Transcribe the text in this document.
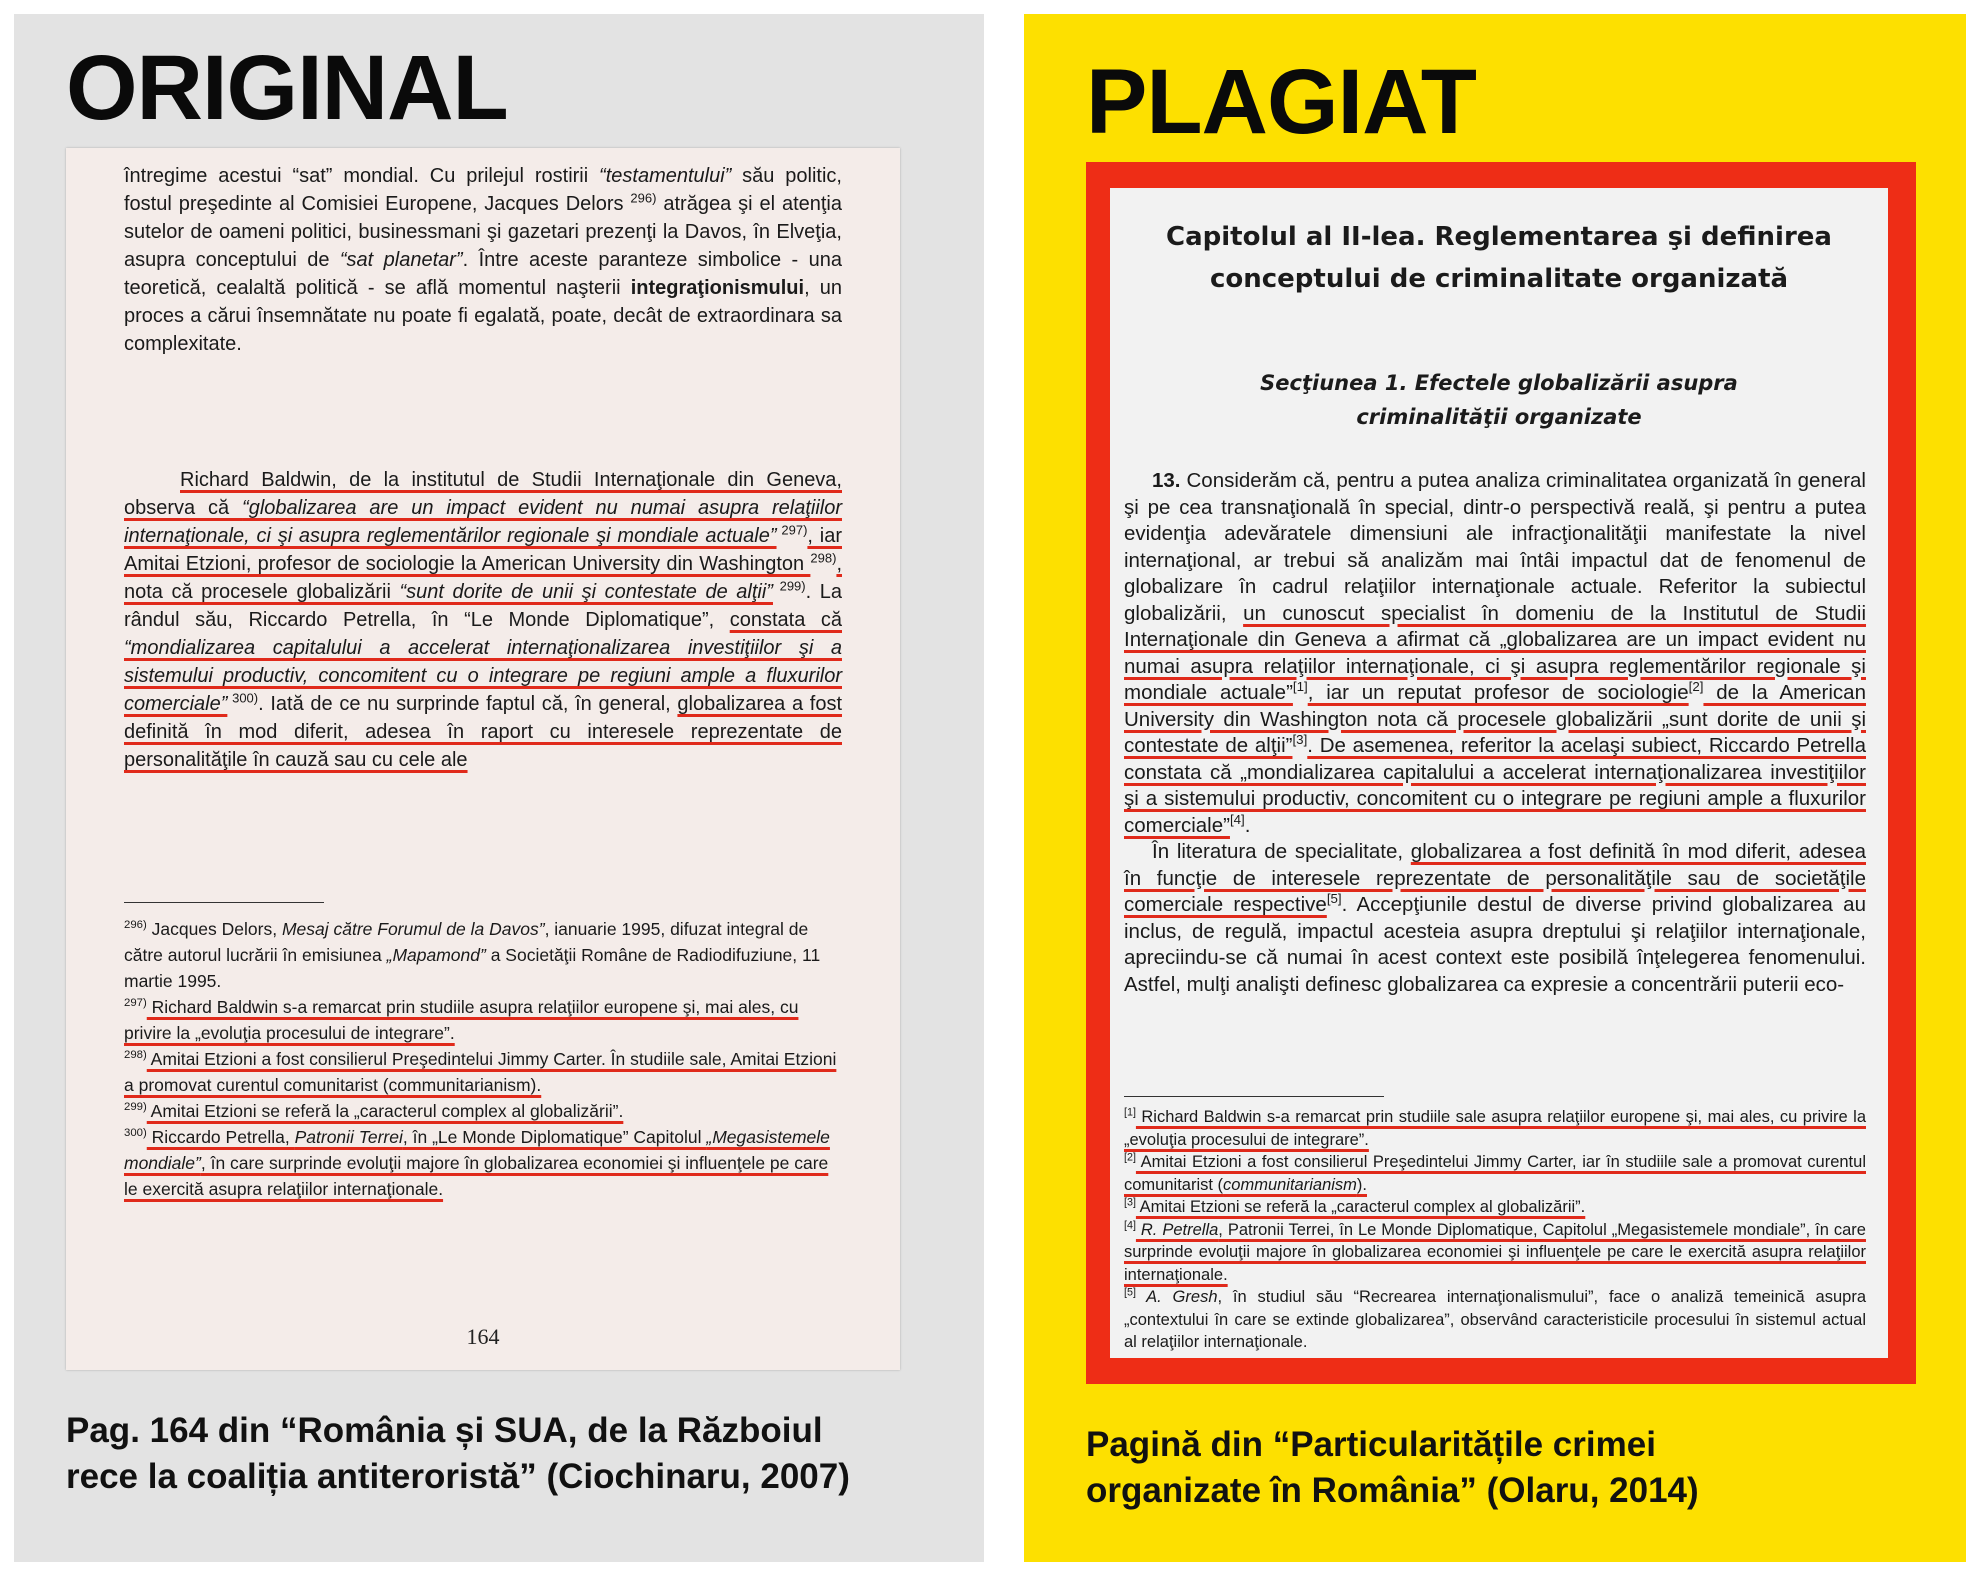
ORIGINAL
întregime acestui “sat” mondial. Cu prilejul rostirii “testamentului” său politic, fostul preşedinte al Comisiei Europene, Jacques Delors $^{296)}$ atrăgea şi el atenţia sutelor de oameni politici, businessmani şi gazetari prezenţi la Davos, în Elveţia, asupra conceptului de “sat planetar”. Între aceste paranteze simbolice - una teoretică, cealaltă politică - se află momentul naşterii integraţionismului, un proces a cărui însemnătate nu poate fi egalată, poate, decât de extraordinara sa complexitate.
Richard Baldwin, de la institutul de Studii Internaţionale din Geneva, observa că “globalizarea are un impact evident nu numai asupra relaţiilor internaţionale, ci şi asupra reglementărilor regionale şi mondiale actuale” $^{297)}$, iar Amitai Etzioni, profesor de sociologie la American University din Washington $^{298)}$, nota că procesele globalizării “sunt dorite de unii şi contestate de alţii” $^{299)}$. La rândul său, Riccardo Petrella, în “Le Monde Diplomatique”, constata că “mondializarea capitalului a accelerat internaţionalizarea investiţiilor şi a sistemului productiv, concomitent cu o integrare pe regiuni ample a fluxurilor comerciale” $^{300)}$. Iată de ce nu surprinde faptul că, în general, globalizarea a fost definită în mod diferit, adesea în raport cu interesele reprezentate de personalităţile în cauză sau cu cele ale
$^{296)}$ Jacques Delors, Mesaj către Forumul de la Davos”, ianuarie 1995, difuzat integral de către autorul lucrării în emisiunea „Mapamond” a Societăţii Române de Radiodifuziune, 11 martie 1995.
$^{297)}$ Richard Baldwin s-a remarcat prin studiile asupra relaţiilor europene şi, mai ales, cu privire la „evoluţia procesului de integrare”.
$^{298)}$ Amitai Etzioni a fost consilierul Preşedintelui Jimmy Carter. În studiile sale, Amitai Etzioni a promovat curentul comunitarist (communitarianism).
$^{299)}$ Amitai Etzioni se referă la „caracterul complex al globalizării”.
$^{300)}$ Riccardo Petrella, Patronii Terrei, în „Le Monde Diplomatique” Capitolul „Megasistemele mondiale”, în care surprinde evoluţii majore în globalizarea economiei şi influenţele pe care le exercită asupra relaţiilor internaţionale.
164
Pag. 164 din “România și SUA, de la Războiul
rece la coaliția antiteroristă” (Ciochinaru, 2007)
PLAGIAT
Capitolul al II-lea. Reglementarea şi definirea
conceptului de criminalitate organizată
Secţiunea 1. Efectele globalizării asupra
criminalităţii organizate

13. Considerăm că, pentru a putea analiza criminalitatea organizată în general şi pe cea transnaţională în special, dintr-o perspectivă reală, şi pentru a putea evidenţia adevăratele dimensiuni ale infracţionalităţii manifestate la nivel internaţional, ar trebui să analizăm mai întâi impactul dat de fenomenul de globalizare în cadrul relaţiilor internaţionale actuale. Referitor la subiectul globalizării, un cunoscut specialist în domeniu de la Institutul de Studii Internaţionale din Geneva a afirmat că „globalizarea are un impact evident nu numai asupra relaţiilor internaţionale, ci şi asupra reglementărilor regionale şi mondiale actuale”[1], iar un reputat profesor de sociologie[2] de la American University din Washington nota că procesele globalizării „sunt dorite de unii şi contestate de alţii”[3]. De asemenea, referitor la acelaşi subiect, Riccardo Petrella constata că „mondializarea capitalului a accelerat internaţionalizarea investiţiilor şi a sistemului productiv, concomitent cu o integrare pe regiuni ample a fluxurilor comerciale”[4].

În literatura de specialitate, globalizarea a fost definită în mod diferit, adesea în funcţie de interesele reprezentate de personalităţile sau de societăţile comerciale respective[5]. Accepţiunile destul de diverse privind globalizarea au inclus, de regulă, impactul acesteia asupra dreptului şi relaţiilor internaţionale, apreciindu-se că numai în acest context este posibilă înţelegerea fenomenului. Astfel, mulţi analişti definesc globalizarea ca expresie a concentrării puterii eco-

[1] Richard Baldwin s-a remarcat prin studiile sale asupra relaţiilor europene şi, mai ales, cu privire la „evoluţia procesului de integrare”.

[2] Amitai Etzioni a fost consilierul Preşedintelui Jimmy Carter, iar în studiile sale a promovat curentul comunitarist (communitarianism).

[3] Amitai Etzioni se referă la „caracterul complex al globalizării”.

[4] R. Petrella, Patronii Terrei, în Le Monde Diplomatique, Capitolul „Megasistemele mondiale”, în care surprinde evoluţii majore în globalizarea economiei şi influenţele pe care le exercită asupra relaţiilor internaţionale.

[5] A. Gresh, în studiul său “Recrearea internaţionalismului”, face o analiză temeinică asupra „contextului în care se extinde globalizarea”, observând caracteristicile procesului în sistemul actual al relaţiilor internaţionale.

Pagină din “Particularitățile crimei
organizate în România” (Olaru, 2014)
